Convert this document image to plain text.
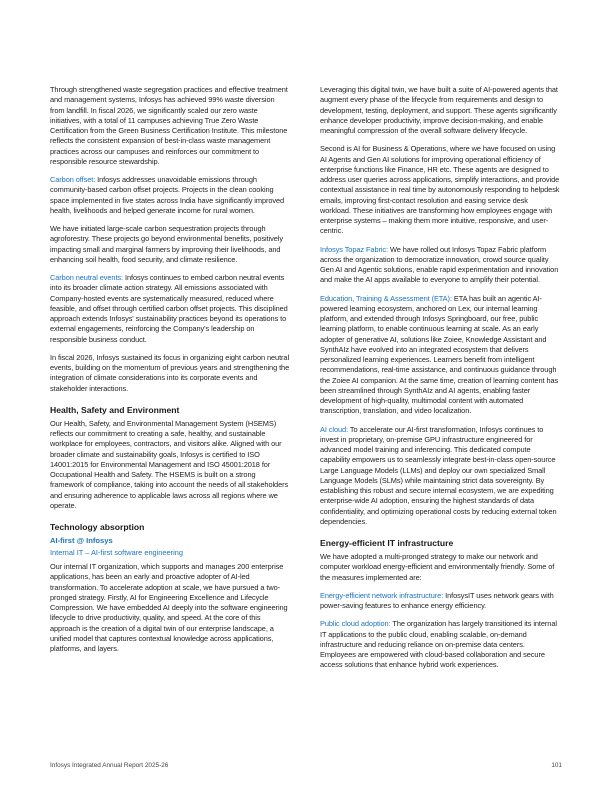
Through strengthened waste segregation practices and effective treatment and management systems, Infosys has achieved 99% waste diversion from landfill. In fiscal 2026, we significantly scaled our zero waste initiatives, with a total of 11 campuses achieving True Zero Waste Certification from the Green Business Certification Institute. This milestone reflects the consistent expansion of best-in-class waste management practices across our campuses and reinforces our commitment to responsible resource stewardship.

Carbon offset: Infosys addresses unavoidable emissions through community-based carbon offset projects. Projects in the clean cooking space implemented in five states across India have significantly improved health, livelihoods and helped generate income for rural women.

We have initiated large-scale carbon sequestration projects through agroforestry. These projects go beyond environmental benefits, positively impacting small and marginal farmers by improving their livelihoods, and enhancing soil health, food security, and climate resilience.

Carbon neutral events: Infosys continues to embed carbon neutral events into its broader climate action strategy. All emissions associated with Company-hosted events are systematically measured, reduced where feasible, and offset through certified carbon offset projects. This disciplined approach extends Infosys' sustainability practices beyond its operations to external engagements, reinforcing the Company's leadership on responsible business conduct.

In fiscal 2026, Infosys sustained its focus in organizing eight carbon neutral events, building on the momentum of previous years and strengthening the integration of climate considerations into its corporate events and stakeholder interactions.

Health, Safety and Environment

Our Health, Safety, and Environmental Management System (HSEMS) reflects our commitment to creating a safe, healthy, and sustainable workplace for employees, contractors, and visitors alike. Aligned with our broader climate and sustainability goals, Infosys is certified to ISO 14001:2015 for Environmental Management and ISO 45001:2018 for Occupational Health and Safety. The HSEMS is built on a strong framework of compliance, taking into account the needs of all stakeholders and ensuring adherence to applicable laws across all regions where we operate.

Technology absorption
AI-first @ Infosys
Internal IT – AI-first software engineering

Our internal IT organization, which supports and manages 200 enterprise applications, has been an early and proactive adopter of AI-led transformation. To accelerate adoption at scale, we have pursued a two-pronged strategy. Firstly, AI for Engineering Excellence and Lifecycle Compression. We have embedded AI deeply into the software engineering lifecycle to drive productivity, quality, and speed. At the core of this approach is the creation of a digital twin of our enterprise landscape, a unified model that captures contextual knowledge across applications, platforms, and layers.

Leveraging this digital twin, we have built a suite of AI-powered agents that augment every phase of the lifecycle from requirements and design to development, testing, deployment, and support. These agents significantly enhance developer productivity, improve decision-making, and enable meaningful compression of the overall software delivery lifecycle.

Second is AI for Business & Operations, where we have focused on using AI Agents and Gen AI solutions for improving operational efficiency of enterprise functions like Finance, HR etc. These agents are designed to address user queries across applications, simplify interactions, and provide contextual assistance in real time by autonomously responding to helpdesk emails, improving first-contact resolution and easing service desk workload. These initiatives are transforming how employees engage with enterprise systems – making them more intuitive, responsive, and user-centric.

Infosys Topaz Fabric: We have rolled out Infosys Topaz Fabric platform across the organization to democratize innovation, crowd source quality Gen AI and Agentic solutions, enable rapid experimentation and innovation and make the AI apps available to everyone to amplify their potential.

Education, Training & Assessment (ETA): ETA has built an agentic AI-powered learning ecosystem, anchored on Lex, our internal learning platform, and extended through Infosys Springboard, our free, public learning platform, to enable continuous learning at scale. As an early adopter of generative AI, solutions like Zoiee, Knowledge Assistant and SynthAIz have evolved into an integrated ecosystem that delivers personalized learning experiences. Learners benefit from intelligent recommendations, real-time assistance, and continuous guidance through the Zoiee AI companion. At the same time, creation of learning content has been streamlined through SynthAIz and AI agents, enabling faster development of high-quality, multimodal content with automated transcription, translation, and video localization.

AI cloud: To accelerate our AI-first transformation, Infosys continues to invest in proprietary, on-premise GPU infrastructure engineered for advanced model training and inferencing. This dedicated compute capability empowers us to seamlessly integrate best-in-class open-source Large Language Models (LLMs) and deploy our own specialized Small Language Models (SLMs) while maintaining strict data sovereignty. By establishing this robust and secure internal ecosystem, we are expediting enterprise-wide AI adoption, ensuring the highest standards of data confidentiality, and optimizing operational costs by reducing external token dependencies.

Energy-efficient IT infrastructure

We have adopted a multi-pronged strategy to make our network and computer workload energy-efficient and environmentally friendly. Some of the measures implemented are:

Energy-efficient network infrastructure: InfosysIT uses network gears with power-saving features to enhance energy efficiency.

Public cloud adoption: The organization has largely transitioned its internal IT applications to the public cloud, enabling scalable, on-demand infrastructure and reducing reliance on on-premise data centers. Employees are empowered with cloud-based collaboration and secure access solutions that enhance hybrid work experiences.

Infosys Integrated Annual Report 2025-26	101
